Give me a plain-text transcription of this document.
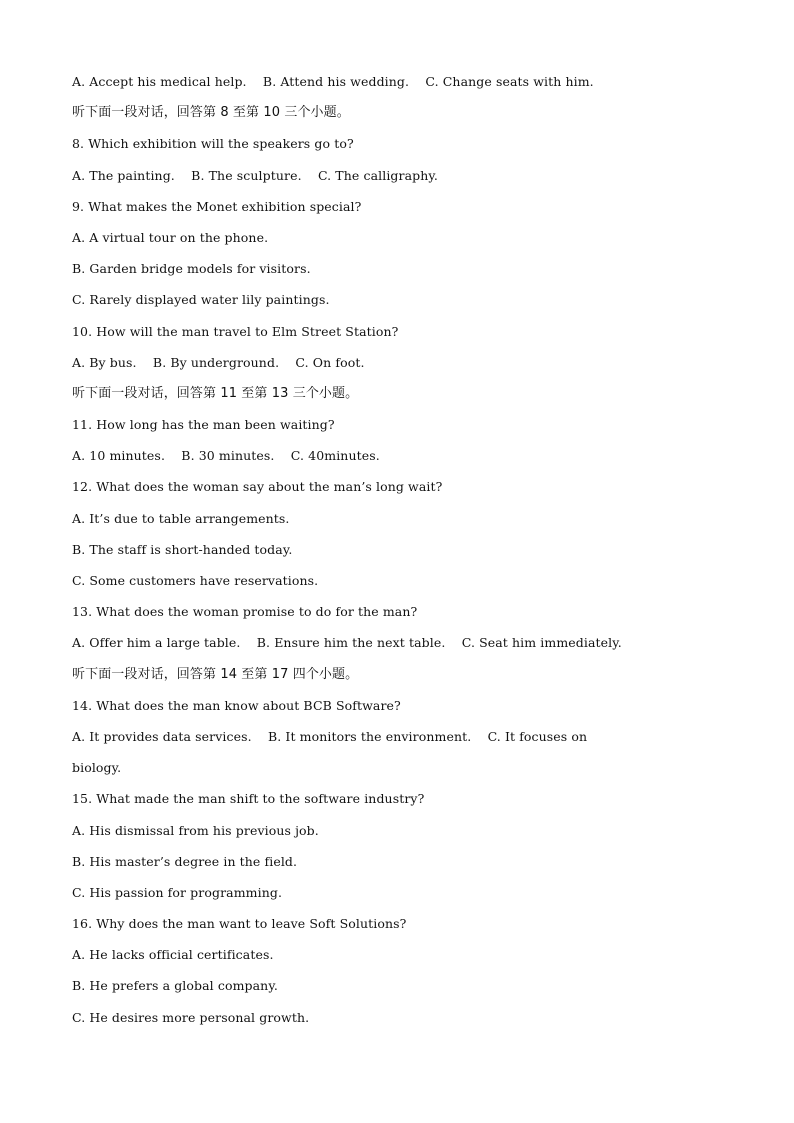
A. Accept his medical help.    B. Attend his wedding.    C. Change seats with him.
听下面一段对话，回答第 8 至第 10 三个小题。
8. Which exhibition will the speakers go to?
A. The painting.    B. The sculpture.    C. The calligraphy.
9. What makes the Monet exhibition special?
A. A virtual tour on the phone.
B. Garden bridge models for visitors.
C. Rarely displayed water lily paintings.
10. How will the man travel to Elm Street Station?
A. By bus.    B. By underground.    C. On foot.
听下面一段对话，回答第 11 至第 13 三个小题。
11. How long has the man been waiting?
A. 10 minutes.    B. 30 minutes.    C. 40minutes.
12. What does the woman say about the man’s long wait?
A. It’s due to table arrangements.
B. The staff is short-handed today.
C. Some customers have reservations.
13. What does the woman promise to do for the man?
A. Offer him a large table.    B. Ensure him the next table.    C. Seat him immediately.
听下面一段对话，回答第 14 至第 17 四个小题。
14. What does the man know about BCB Software?
A. It provides data services.    B. It monitors the environment.    C. It focuses on
biology.
15. What made the man shift to the software industry?
A. His dismissal from his previous job.
B. His master’s degree in the field.
C. His passion for programming.
16. Why does the man want to leave Soft Solutions?
A. He lacks official certificates.
B. He prefers a global company.
C. He desires more personal growth.
